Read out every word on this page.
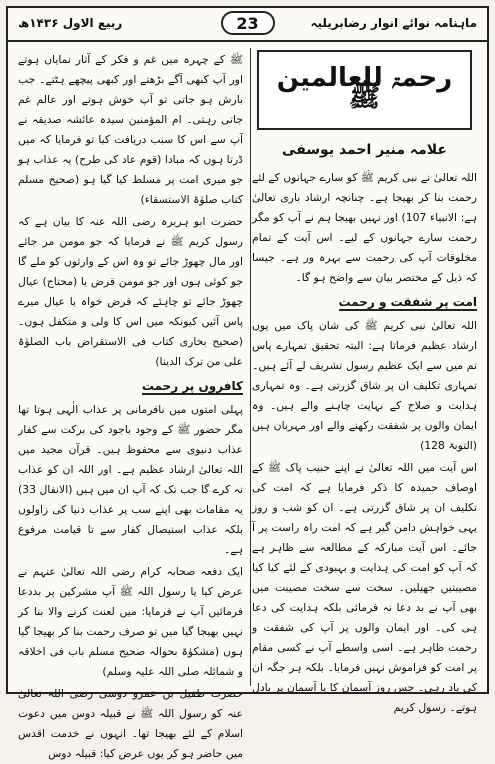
ربیع الاول ۱۴۳۶ھ	23	ماہنامہ نوائے انوار رضابریلیہ
رحمۃ للعالمین ﷺ
علامہ منیر احمد یوسفی

اللہ تعالیٰ نے نبی کریم ﷺ کو سارے جہانوں کے لئے رحمت بنا کر بھیجا ہے۔ چنانچہ ارشاد باری تعالیٰ ہے: الانبیاء 107) اور نہیں بھیجا ہم نے آپ کو مگر رحمت سارے جہانوں کے لیے۔ اس آیت کے تمام مخلوقات آپ کی رحمت سے بہرہ ور ہے۔ جیسا کہ ذیل کے مختصر بیان سے واضح ہو گا۔

امت پر شفقت و رحمت

اللہ تعالیٰ نبی کریم ﷺ کی شان پاک میں یوں ارشاد عظیم فرماتا ہے: البتہ تحقیق تمہارے پاس تم میں سے ایک عظیم رسول تشریف لے آئے ہیں۔ تمہاری تکلیف ان پر شاق گزرتی ہے۔ وہ تمہاری ہدایت و صلاح کے نہایت چاہنے والے ہیں۔ وہ ایمان والوں پر شفقت رکھنے والے اور مہربان ہیں (التوبۃ 128)

اس آیت میں اللہ تعالیٰ نے اپنے حبیب پاک ﷺ کے اوصاف حمیدہ کا ذکر فرمایا ہے کہ امت کی تکلیف ان پر شاق گزرتی ہے۔ ان کو شب و روز یہی خواہش دامن گیر ہے کہ امت راہ راست پر آ جائے۔ اس آیت مبارکہ کے مطالعہ سے ظاہر ہے کہ آپ کو امت کی ہدایت و بہبودی کے لئے کیا کیا مصیبتیں جھیلیں۔ سخت سے سخت مصیبت میں بھی آپ نے بد دعا نہ فرمائی بلکہ ہدایت کی دعا ہی کی۔ اور ایمان والوں پر آپ کی شفقت و رحمت ظاہر ہے۔ اسی واسطے آپ نے کسی مقام پر امت کو فراموش نہیں فرمایا۔ بلکہ ہر جگہ ان کی یاد رہی۔ جس روز آسمان کا یا آسمان پر بادل ہوتے۔ رسول کریم

ﷺ کے چہرہ میں غم و فکر کے آثار نمایاں ہوتے اور آپ کبھی آگے بڑھتے اور کبھی پیچھے ہٹتے۔ جب بارش ہو جاتی تو آپ خوش ہوتے اور عالم غم جاتی رہتی۔ ام المؤمنین سیدہ عائشہ صدیقہ نے آپ سے اس کا سبب دریافت کیا تو فرمایا کہ میں ڈرتا ہوں کہ مبادا (قوم عاد کی طرح) یہ عذاب ہو جو میری امت پر مسلط کیا گیا ہو (صحیح مسلم کتاب صلوٰۃ الاستسقاء)

حضرت ابو ہریرہ رضی اللہ عنہ کا بیان ہے کہ رسول کریم ﷺ نے فرمایا کہ جو مومن مر جائے اور مال چھوڑ جائے تو وہ اس کے وارثوں کو ملے گا جو کوئی ہوں اور جو مومن قرض یا (محتاج) عیال چھوڑ جائے تو چاہئے کہ قرض خواہ یا عیال میرے پاس آئیں کیونکہ میں اس کا ولی و متکفل ہوں۔ (صحیح بخاری کتاب فی الاستقراض باب الصلوٰۃ علی من ترک الدینا)

کافروں پر رحمت

پہلی امتوں میں نافرمانی پر عذاب الٰہی ہوتا تھا مگر حضور ﷺ کے وجود باجود کی برکت سے کفار عذاب دنیوی سے محفوظ ہیں۔ قرآن مجید میں اللہ تعالیٰ ارشاد عظیم ہے۔ اور اللہ ان کو عذاب نہ کرے گا جب تک کہ آپ ان میں ہیں (الانفال 33) یہ مقامات بھی اپنے سب پر عذاب دنیا کی زاولوں بلکہ عذاب استیصال کفار سے تا قیامت مرفوع ہے۔

ایک دفعہ صحابہ کرام رضی اللہ تعالیٰ عنہم نے عرض کیا یا رسول اللہ ﷺ آپ مشرکین پر بددعا فرمائیں آپ نے فرمایا: میں لعنت کرنے والا بنا کر نہیں بھیجا گیا میں تو صرف رحمت بنا کر بھیجا گیا ہوں (مشکوٰۃ بحوالہ صحیح مسلم باب فی اخلاقہ و شمائلہ صلی اللہ علیہ وسلم)

حضرت طفیل بن عمرو دوسی رضی اللہ تعالیٰ عنہ کو رسول اللہ ﷺ نے قبیلہ دوس میں دعوت اسلام کے لئے بھیجا تھا۔ انہوں نے خدمت اقدس میں حاضر ہو کر یوں عرض کیا: قبیلہ دوس
